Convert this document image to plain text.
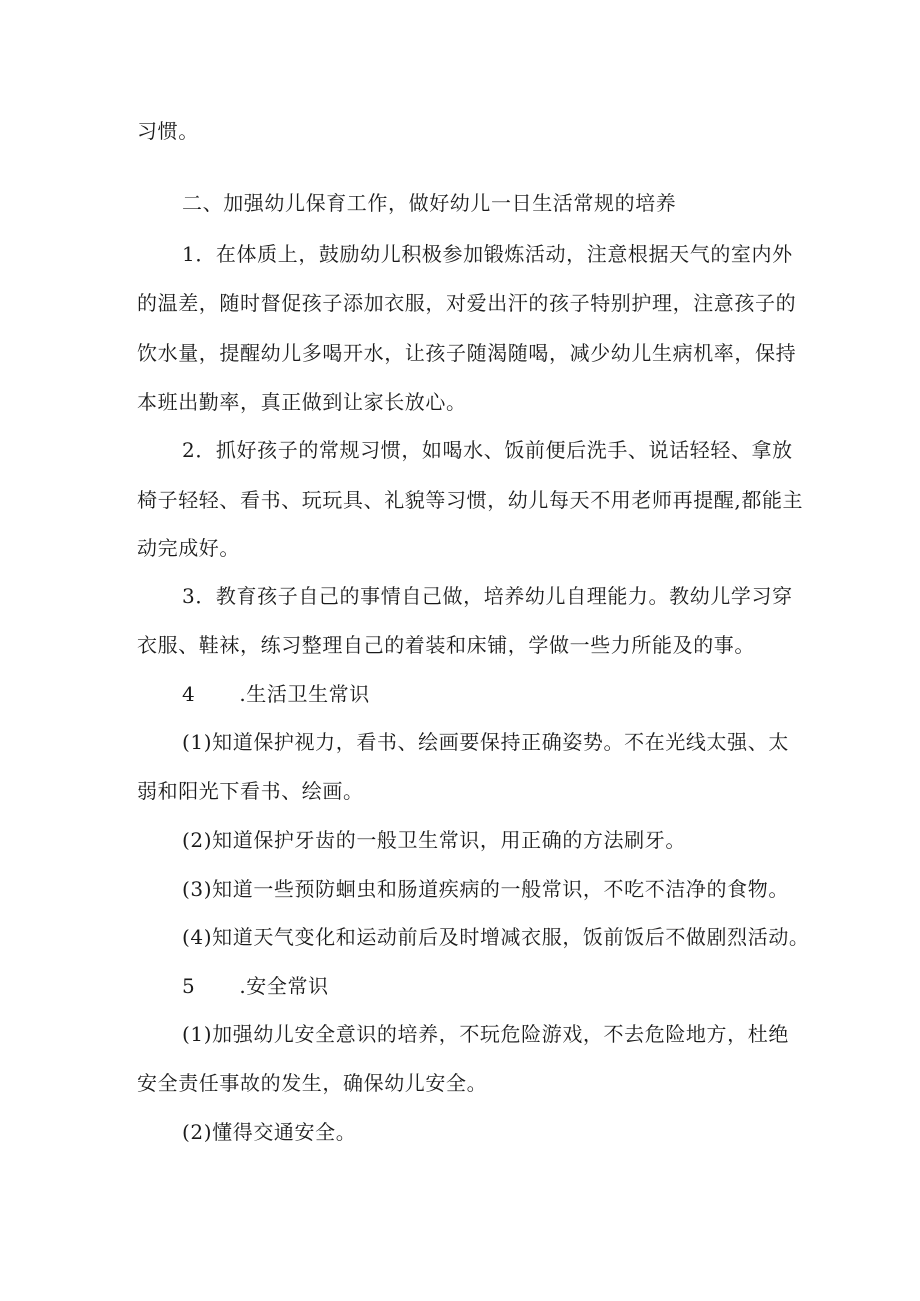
习惯。
二、加强幼儿保育工作，做好幼儿一日生活常规的培养
1．在体质上，鼓励幼儿积极参加锻炼活动，注意根据天气的室内外
的温差，随时督促孩子添加衣服，对爱出汗的孩子特别护理，注意孩子的
饮水量，提醒幼儿多喝开水，让孩子随渴随喝，减少幼儿生病机率，保持
本班出勤率，真正做到让家长放心。
2．抓好孩子的常规习惯，如喝水、饭前便后洗手、说话轻轻、拿放
椅子轻轻、看书、玩玩具、礼貌等习惯，幼儿每天不用老师再提醒,都能主
动完成好。
3．教育孩子自己的事情自己做，培养幼儿自理能力。教幼儿学习穿
衣服、鞋袜，练习整理自己的着装和床铺，学做一些力所能及的事。
4 .生活卫生常识
(1)知道保护视力，看书、绘画要保持正确姿势。不在光线太强、太
弱和阳光下看书、绘画。
(2)知道保护牙齿的一般卫生常识，用正确的方法刷牙。
(3)知道一些预防蛔虫和肠道疾病的一般常识，不吃不洁净的食物。
(4)知道天气变化和运动前后及时增减衣服，饭前饭后不做剧烈活动。
5 .安全常识
(1)加强幼儿安全意识的培养，不玩危险游戏，不去危险地方，杜绝
安全责任事故的发生，确保幼儿安全。
(2)懂得交通安全。
